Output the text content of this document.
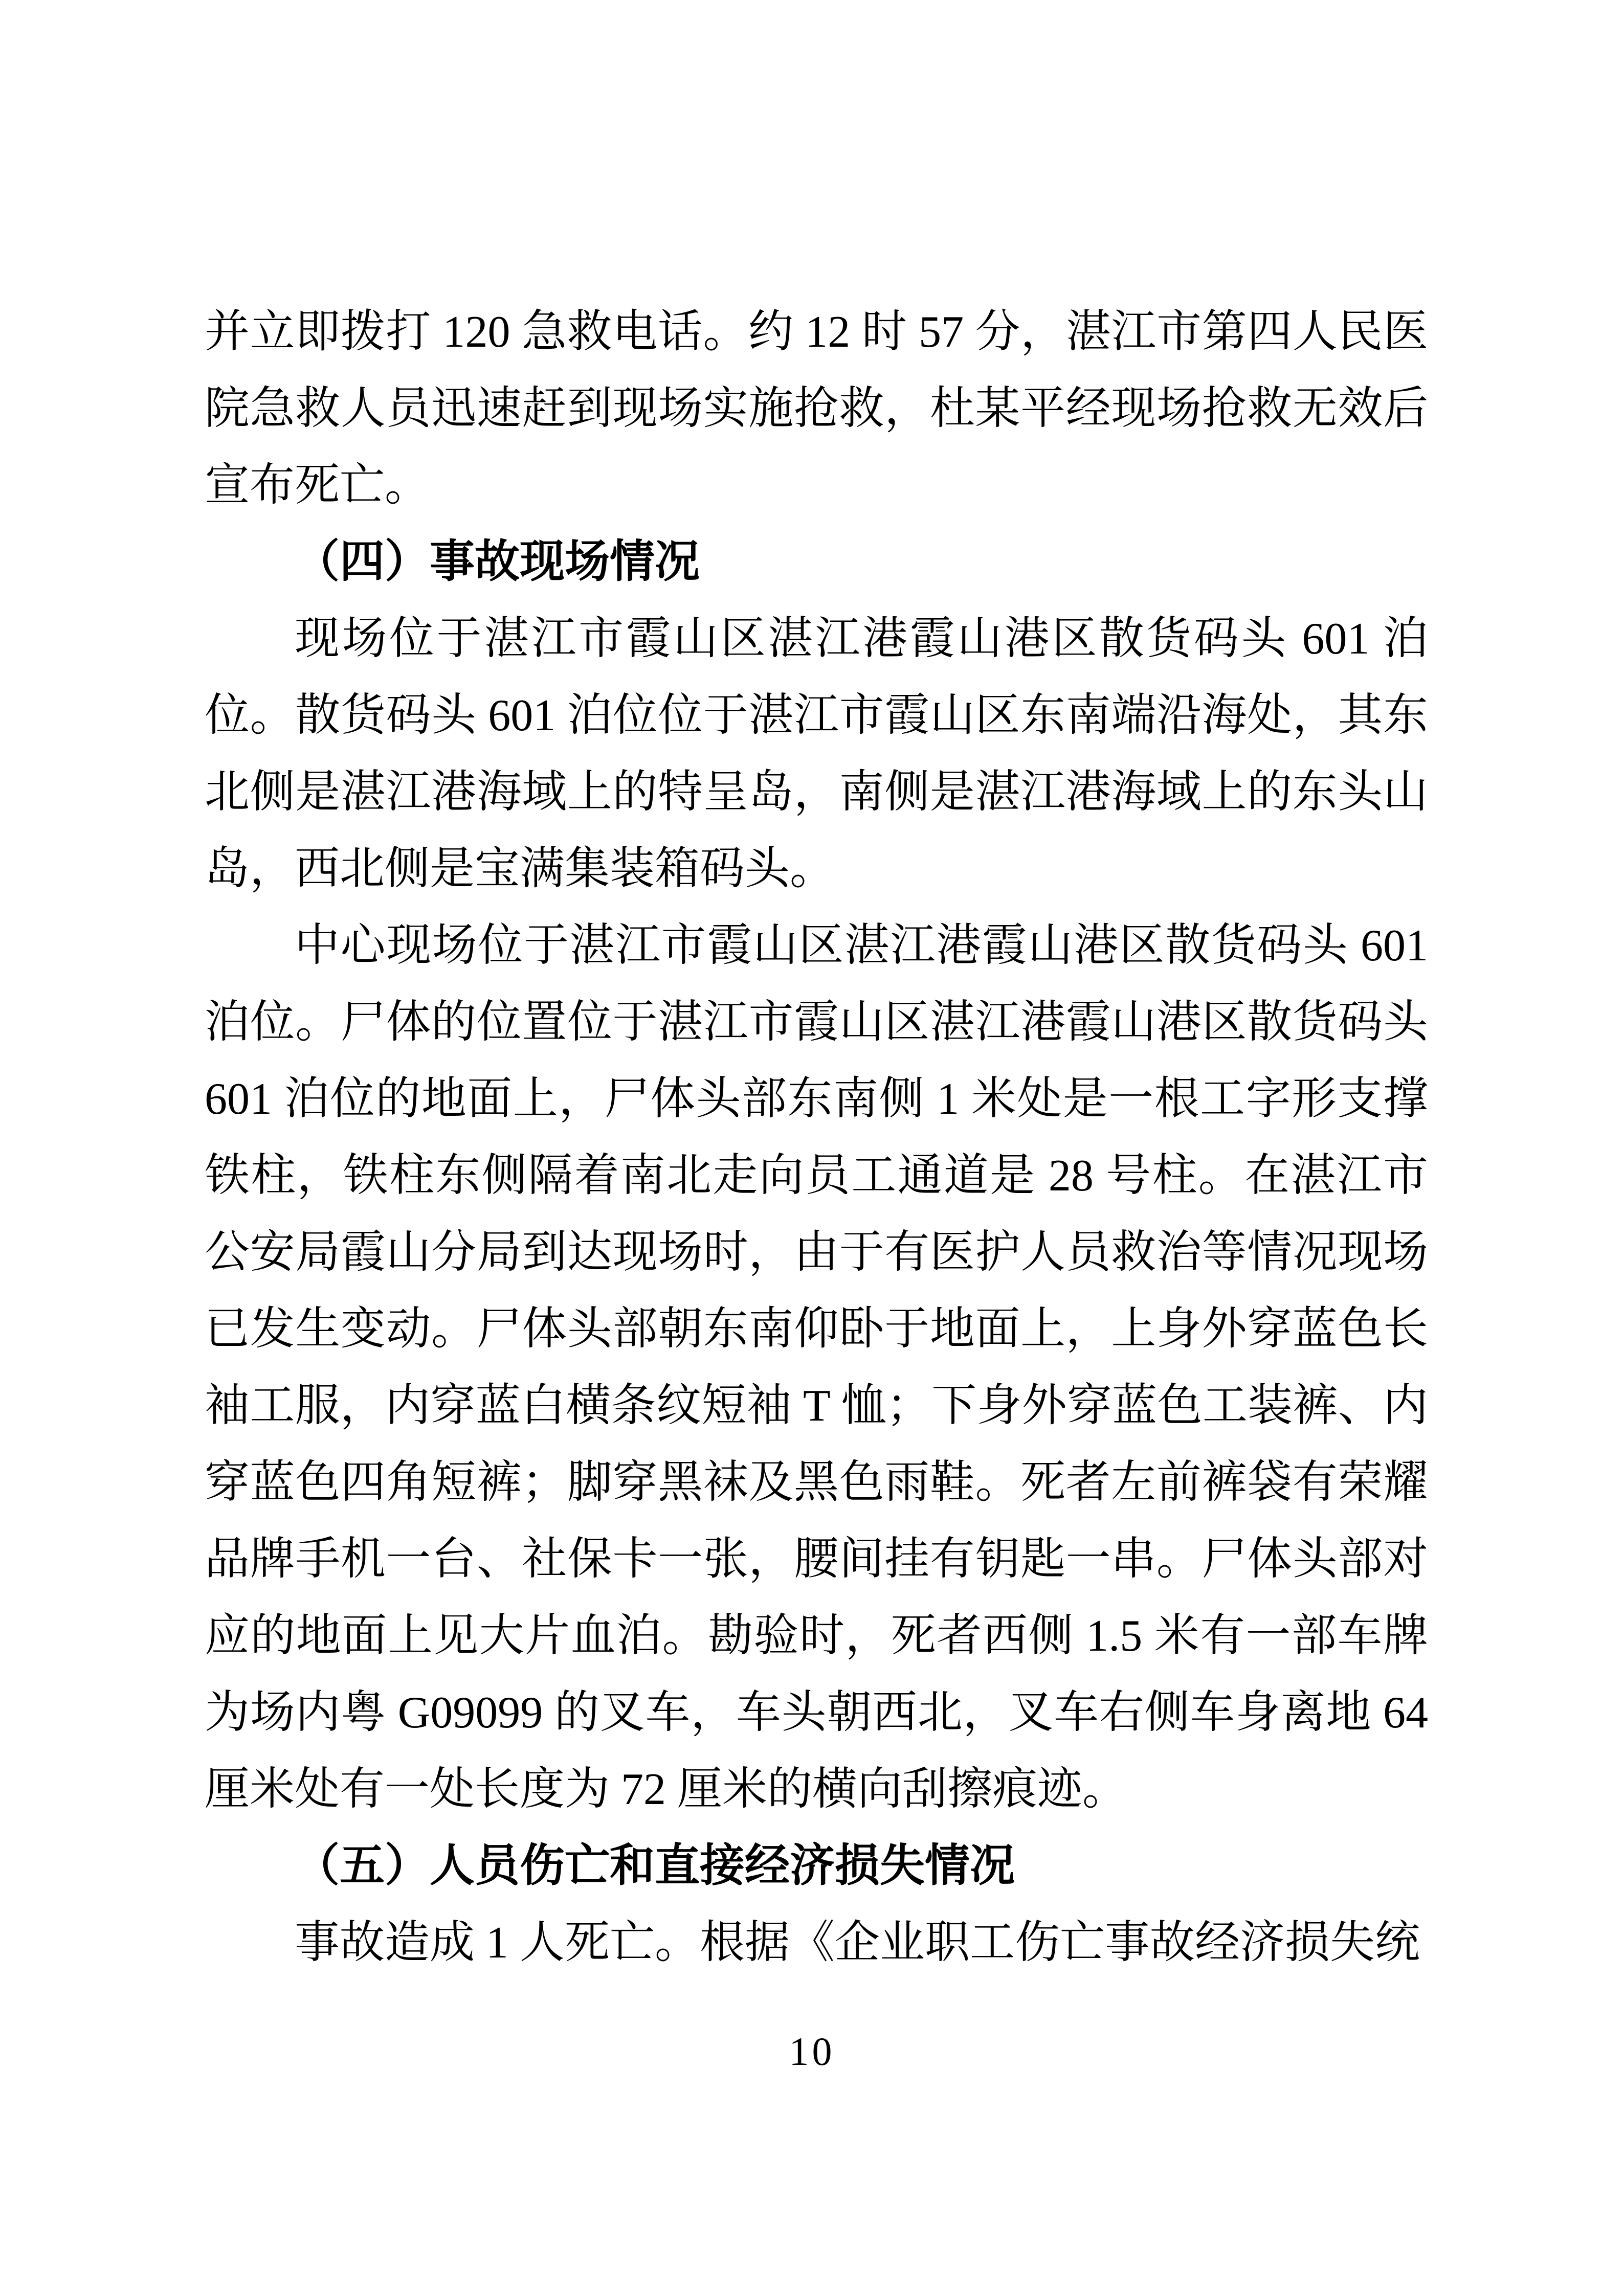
并立即拨打 120 急救电话。约 12 时 57 分，湛江市第四人民医院急救人员迅速赶到现场实施抢救，杜某平经现场抢救无效后宣布死亡。

（四）事故现场情况

现场位于湛江市霞山区湛江港霞山港区散货码头 601 泊位。散货码头 601 泊位位于湛江市霞山区东南端沿海处，其东北侧是湛江港海域上的特呈岛，南侧是湛江港海域上的东头山岛，西北侧是宝满集装箱码头。

中心现场位于湛江市霞山区湛江港霞山港区散货码头 601 泊位。尸体的位置位于湛江市霞山区湛江港霞山港区散货码头 601 泊位的地面上，尸体头部东南侧 1 米处是一根工字形支撑铁柱，铁柱东侧隔着南北走向员工通道是 28 号柱。在湛江市公安局霞山分局到达现场时，由于有医护人员救治等情况现场已发生变动。尸体头部朝东南仰卧于地面上，上身外穿蓝色长袖工服，内穿蓝白横条纹短袖 T 恤；下身外穿蓝色工装裤、内穿蓝色四角短裤；脚穿黑袜及黑色雨鞋。死者左前裤袋有荣耀品牌手机一台、社保卡一张，腰间挂有钥匙一串。尸体头部对应的地面上见大片血泊。勘验时，死者西侧 1.5 米有一部车牌为场内粤 G09099 的叉车，车头朝西北，叉车右侧车身离地 64 厘米处有一处长度为 72 厘米的横向刮擦痕迹。

（五）人员伤亡和直接经济损失情况

事故造成 1 人死亡。根据《企业职工伤亡事故经济损失统

10
